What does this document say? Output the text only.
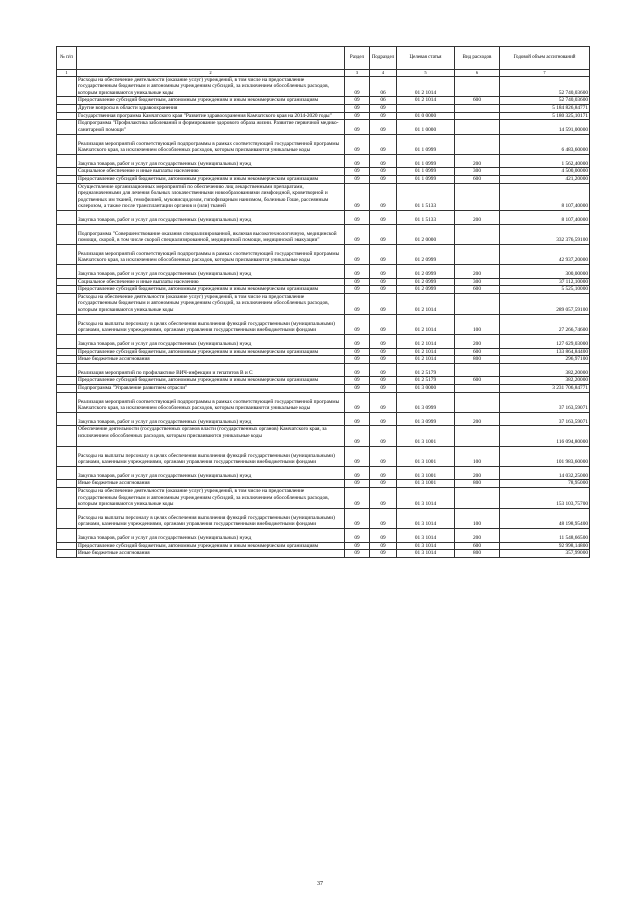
№ п/п		Раздел	Подраздел	Целевая статья	Вид расходов	Годовой объем ассигнований
1	2	3	4	5	6	7
	Расходы на обеспечение деятельности (оказание услуг) учреждений, в том числе на предоставление государственным бюджетным и автономным учреждениям субсидий, за исключением обособленных расходов, которым присваиваются уникальные коды	09	06	01 2 1014		52 740,03600
	Предоставление субсидий бюджетным, автономным учреждениям и иным некоммерческим организациям	09	06	01 2 1014	600	52 740,03600
	Другие вопросы в области здравоохранения	09	09			5 184 826,84771
	Государственная программа Камчатского края "Развитие здравоохранения Камчатского края на 2014-2020 годы"	09	09	01 0 0000		5 180 325,10171
	Подпрограмма "Профилактика заболеваний и формирование здорового образа жизни. Развитие первичной медико-санитарной помощи"	09	09	01 1 0000		14 591,00000
	Реализация мероприятий соответствующей подпрограммы в рамках соответствующей государственной программы Камчатского края, за исключением обособленных расходов, которым присваиваются уникальные коды	09	09	01 1 0999		6 483,60000
	Закупка товаров, работ и услуг для государственных (муниципальных) нужд	09	09	01 1 0999	200	1 562,40000
	Социальное обеспечение и иные выплаты населению	09	09	01 1 0999	300	4 500,00000
	Предоставление субсидий бюджетным, автономным учреждениям и иным некоммерческим организациям	09	09	01 1 0999	600	421,20000
	Осуществление организационных мероприятий по обеспечению лиц лекарственными препаратами, предназначенными для лечения больных злокачественными новообразованиями лимфоидной, кроветворной и родственных им тканей, гемофилией, муковисцидозом, гипофизарным нанизмом, болезнью Гоше, рассеянным склерозом, а также после трансплантации органов и (или) тканей	09	09	01 1 5133		8 107,40000
	Закупка товаров, работ и услуг для государственных (муниципальных) нужд	09	09	01 1 5133	200	8 107,40000
	Подпрограмма "Совершенствование оказания специализированной, включая высокотехнологичную, медицинской помощи, скорой, в том числе скорой специализированной, медицинской помощи, медицинской эвакуации"	09	09	01 2 0000		332 376,59100
	Реализация мероприятий соответствующей подпрограммы в рамках соответствующей государственной программы Камчатского края, за исключением обособленных расходов, которым присваиваются уникальные коды	09	09	01 2 0999		42 937,20000
	Закупка товаров, работ и услуг для государственных (муниципальных) нужд	09	09	01 2 0999	200	300,00000
	Социальное обеспечение и иные выплаты населению	09	09	01 2 0999	300	37 112,10000
	Предоставление субсидий бюджетным, автономным учреждениям и иным некоммерческим организациям	09	09	01 2 0999	600	5 525,10000
	Расходы на обеспечение деятельности (оказание услуг) учреждений, в том числе на предоставление государственным бюджетным и автономным учреждениям субсидий, за исключением обособленных расходов, которым присваиваются уникальные коды	09	09	01 2 1014		289 057,59100
	Расходы на выплаты персоналу в целях обеспечения выполнения функций государственными (муниципальными) органами, казенными учреждениями, органами управления государственными внебюджетными фондами	09	09	01 2 1014	100	27 266,74600
	Закупка товаров, работ и услуг для государственных (муниципальных) нужд	09	09	01 2 1014	200	127 629,03000
	Предоставление субсидий бюджетным, автономным учреждениям и иным некоммерческим организациям	09	09	01 2 1014	600	133 864,84400
	Иные бюджетные ассигнования	09	09	01 2 1014	800	296,97100
	Реализация мероприятий по профилактике ВИЧ-инфекции и гепатитов B и C	09	09	01 2 5179		382,20000
	Предоставление субсидий бюджетным, автономным учреждениям и иным некоммерческим организациям	09	09	01 2 5179	600	382,20000
	Подпрограмма "Управление развитием отрасли"	09	09	01 3 0000		3 231 706,84771
	Реализация мероприятий соответствующей подпрограммы в рамках соответствующей государственной программы Камчатского края, за исключением обособленных расходов, которым присваиваются уникальные коды	09	09	01 3 0999		37 163,59071
	Закупка товаров, работ и услуг для государственных (муниципальных) нужд	09	09	01 3 0999	200	37 163,59071
	Обеспечение деятельности (государственных органов власти (государственных органов) Камчатского края, за исключением обособленных расходов, которым присваиваются уникальные коды	09	09	01 3 1001		116 094,80000
	Расходы на выплаты персоналу в целях обеспечения выполнения функций государственными (муниципальными) органами, казенными учреждениями, органами управления государственными внебюджетными фондами	09	09	01 3 1001	100	101 983,60000
	Закупка товаров, работ и услуг для государственных (муниципальных) нужд	09	09	01 3 1001	200	14 032,25000
	Иные бюджетные ассигнования	09	09	01 3 1001	800	78,95000
	Расходы на обеспечение деятельности (оказание услуг) учреждений, в том числе на предоставление государственным бюджетным и автономным учреждениям субсидий, за исключением обособленных расходов, которым присваиваются уникальные коды	09	09	01 3 1014		153 103,75700
	Расходы на выплаты персоналу в целях обеспечения выполнения функций государственными (муниципальными) органами, казенными учреждениями, органами управления государственными внебюджетными фондами	09	09	01 3 1014	100	48 198,95400
	Закупка товаров, работ и услуг для государственных (муниципальных) нужд	09	09	01 3 1014	200	11 548,66500
	Предоставление субсидий бюджетным, автономным учреждениям и иным некоммерческим организациям	09	09	01 3 1014	600	92 998,14800
	Иные бюджетные ассигнования	09	09	01 3 1014	800	357,99000
37
